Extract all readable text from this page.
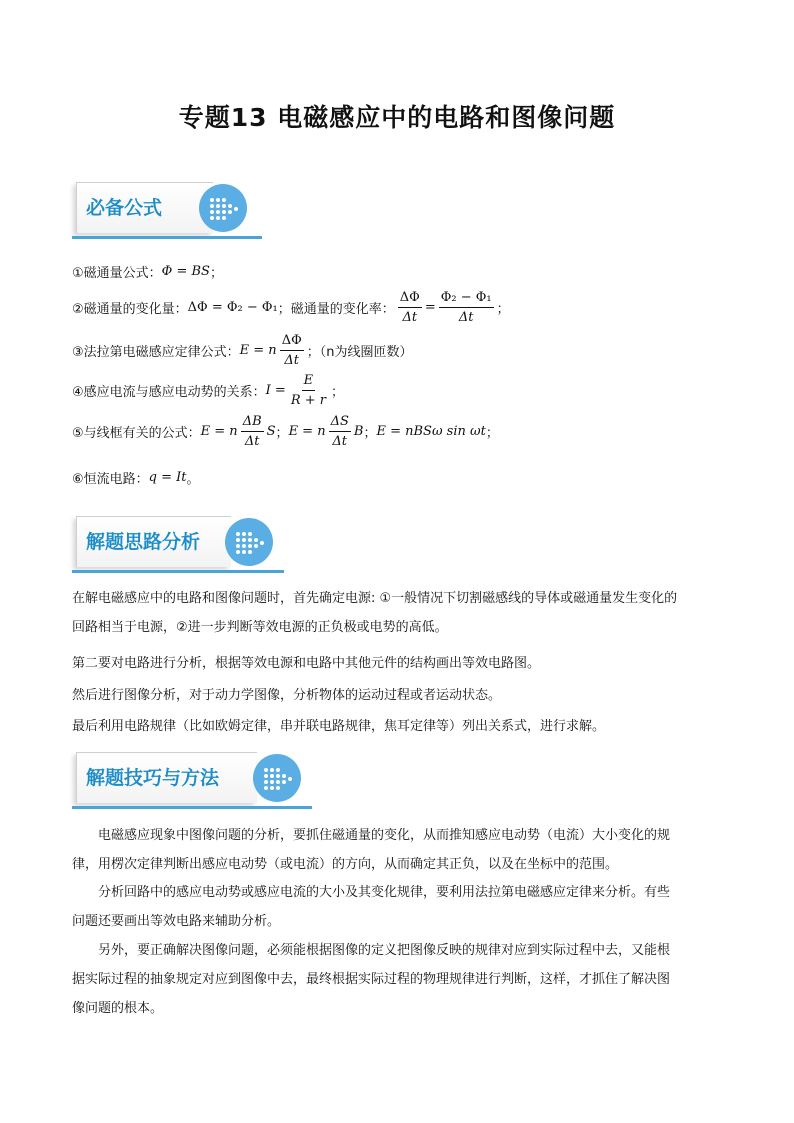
专题13 电磁感应中的电路和图像问题
必备公式
①磁通量公式： Φ = BS ；
②磁通量的变化量： ΔΦ = Φ₂ − Φ₁ ；磁通量的变化率： $\frac{\Delta\Phi}{\Delta t} = \frac{\text{Φ₂ − Φ₁}}{\Delta t}$ ；
③法拉第电磁感应定律公式： E = n $\frac{\Delta\Phi}{\Delta t}$ ；（n为线圈匝数）
④感应电流与感应电动势的关系： $I = \frac{E}{R + r}$ ；
⑤与线框有关的公式： E = n $\frac{\Delta B}{\Delta t}$ S ； E = n $\frac{\Delta S}{\Delta t}$ B ； E = nBSω sin ωt ；
⑥恒流电路： q = It 。
解题思路分析
在解电磁感应中的电路和图像问题时，首先确定电源: ①一般情况下切割磁感线的导体或磁通量发生变化的
回路相当于电源，②进一步判断等效电源的正负极或电势的高低。
第二要对电路进行分析，根据等效电源和电路中其他元件的结构画出等效电路图。
然后进行图像分析，对于动力学图像，分析物体的运动过程或者运动状态。
最后利用电路规律（比如欧姆定律，串并联电路规律，焦耳定律等）列出关系式，进行求解。
解题技巧与方法
电磁感应现象中图像问题的分析，要抓住磁通量的变化，从而推知感应电动势（电流）大小变化的规
律，用楞次定律判断出感应电动势（或电流）的方向，从而确定其正负，以及在坐标中的范围。
分析回路中的感应电动势或感应电流的大小及其变化规律，要利用法拉第电磁感应定律来分析。有些
问题还要画出等效电路来辅助分析。
另外，要正确解决图像问题，必须能根据图像的定义把图像反映的规律对应到实际过程中去，又能根
据实际过程的抽象规定对应到图像中去，最终根据实际过程的物理规律进行判断，这样，才抓住了解决图
像问题的根本。
